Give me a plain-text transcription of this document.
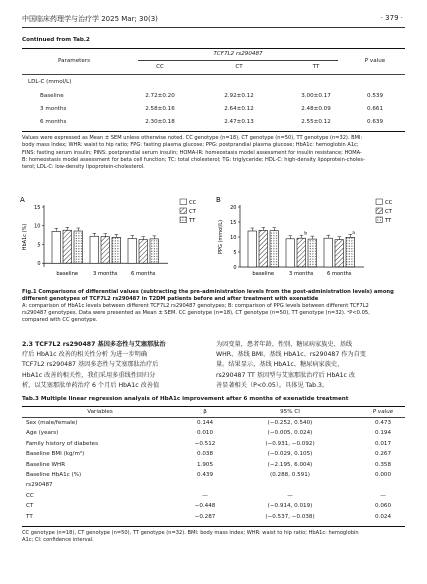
中国临床药理学与治疗学 2025 Mar; 30(3)	· 379 ·
Continued from Tab.2
Parameters
TCF7L2 rs290487
CC	CT	TT
P value
LDL-C (mmol/L)
Baseline	2.72±0.20	2.92±0.12	3.00±0.17	0.539
3 months	2.58±0.16	2.64±0.12	2.48±0.09	0.661
6 months	2.30±0.18	2.47±0.13	2.55±0.12	0.639
Values were expressed as Mean ± SEM unless otherwise noted. CC genotype (n=18), CT genotype (n=50), TT genotype (n=32). BMI:
body mass index; WHR: waist to hip ratio; FPG: fasting plasma glucose; PPG: postprandial plasma glucose; HbA1c: hemoglobin A1c;
FINS: fasting serum insulin; PINS: postprandial serum insulin; HOMA-IR: homeostasis model assessment for insulin resistance; HOMA-
B: homeostasis model assessment for beta cell function; TC: total cholesterol; TG: triglyceride; HDL-C: high-density lipoprotein-choles-
terol; LDL-C: low-density lipoprotein-cholesterol.
A
15
10
5
0
HbA1c (%)
baseline	3 months	6 months
CC
CT
TT
B
20
15
10
5
0
PPG (mmol/L)
baseline	3 months	6 months
a
b
CC
CT
TT
Fig.1 Comparisons of differential values (subtracting the pre-administration levels from the post-administration levels) among different genotypes of TCF7L2 rs290487 in T2DM patients before and after treatment with exenatide
A: comparison of HbA1c levels between different TCF7L2 rs290487 genotypes; B: comparison of PPG levels between different TCF7L2
rs290487 genotypes. Data were presented as Mean ± SEM. CC genotype (n=18), CT genotype (n=50), TT genotype (n=32). ᵃP<0.05,
compared with CC genotype.
2.3 TCF7L2 rs290487 基因多态性与艾塞那肽治
疗后 HbA1c 改善的相关性分析 为进一步明确
TCF7L2 rs290487 基因多态性与艾塞那肽治疗后
HbA1c 改善的相关性，我们采用多重线性回归分
析，以艾塞那肽单药治疗 6 个月后 HbA1c 改善值
为因变量，患者年龄、性别、糖尿病家族史、基线
WHR、基线 BMI、基线 HbA1c、rs290487 作为自变
量。结果显示，基线 HbA1c、糖尿病家族史、
rs290487 TT 基因型与艾塞那肽治疗后 HbA1c 改
善显著相关（P<0.05）。具体见 Tab.3。
Tab.3 Multiple linear regression analysis of HbA1c improvement after 6 months of exenatide treatment
Variables	β	95% CI	P value
Sex (male/female)	0.144	(−0.252, 0.540)	0.473
Age (years)	0.010	(−0.005, 0.024)	0.194
Family history of diabetes	−0.512	(−0.931, −0.092)	0.017
Baseline BMI (kg/m²)	0.038	(−0.029, 0.105)	0.267
Baseline WHR	1.905	(−2.195, 6.004)	0.358
Baseline HbA1c (%)	0.439	(0.288, 0.591)	0.000
rs290487
CC	—	—	—
CT	−0.448	(−0.914, 0.019)	0.060
TT	−0.287	(−0.537, −0.038)	0.024
CC genotype (n=18), CT genotype (n=50), TT genotype (n=32). BMI: body mass index; WHR: waist to hip ratio; HbA1c: hemoglobin
A1c; CI: confidence interval.
